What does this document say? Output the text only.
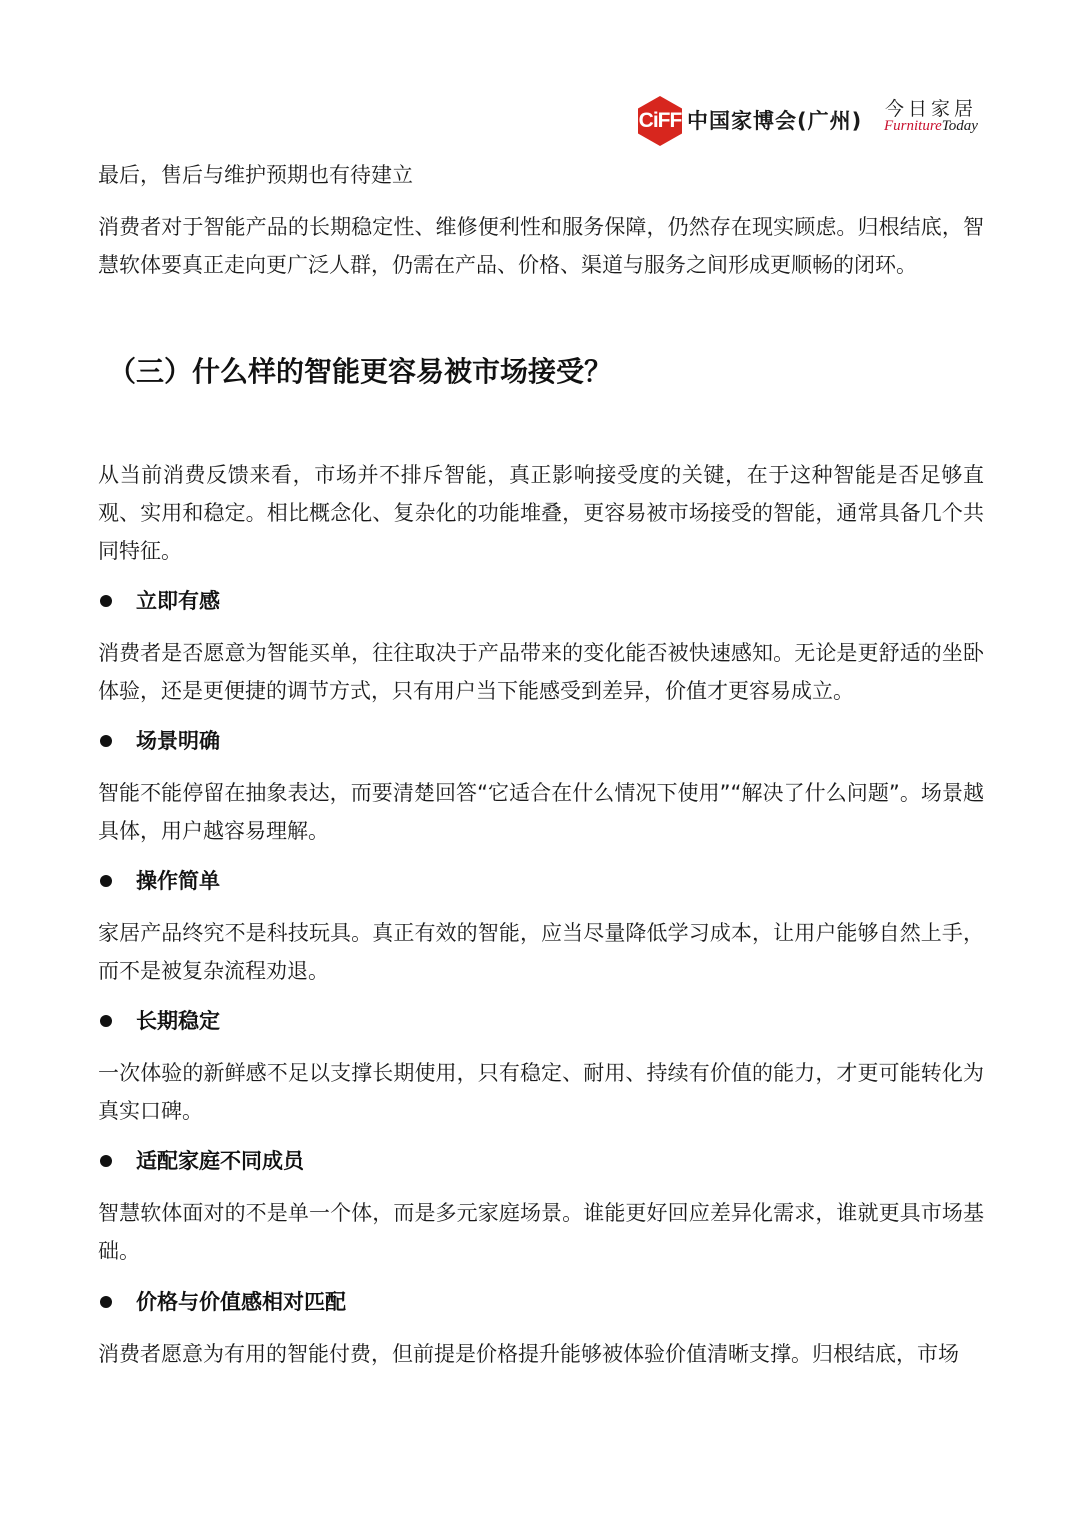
CiFF 中国家博会(广州) 今日家居
FurnitureToday
最后，售后与维护预期也有待建立

消费者对于智能产品的长期稳定性、维修便利性和服务保障，仍然存在现实顾虑。归根结底，智慧软体要真正走向更广泛人群，仍需在产品、价格、渠道与服务之间形成更顺畅的闭环。

（三）什么样的智能更容易被市场接受？

从当前消费反馈来看，市场并不排斥智能，真正影响接受度的关键，在于这种智能是否足够直观、实用和稳定。相比概念化、复杂化的功能堆叠，更容易被市场接受的智能，通常具备几个共同特征。

立即有感

消费者是否愿意为智能买单，往往取决于产品带来的变化能否被快速感知。无论是更舒适的坐卧体验，还是更便捷的调节方式，只有用户当下能感受到差异，价值才更容易成立。

场景明确

智能不能停留在抽象表达，而要清楚回答“它适合在什么情况下使用”“解决了什么问题”。场景越具体，用户越容易理解。

操作简单

家居产品终究不是科技玩具。真正有效的智能，应当尽量降低学习成本，让用户能够自然上手，而不是被复杂流程劝退。

长期稳定

一次体验的新鲜感不足以支撑长期使用，只有稳定、耐用、持续有价值的能力，才更可能转化为真实口碑。

适配家庭不同成员

智慧软体面对的不是单一个体，而是多元家庭场景。谁能更好回应差异化需求，谁就更具市场基础。

价格与价值感相对匹配

消费者愿意为有用的智能付费，但前提是价格提升能够被体验价值清晰支撑。归根结底，市场
